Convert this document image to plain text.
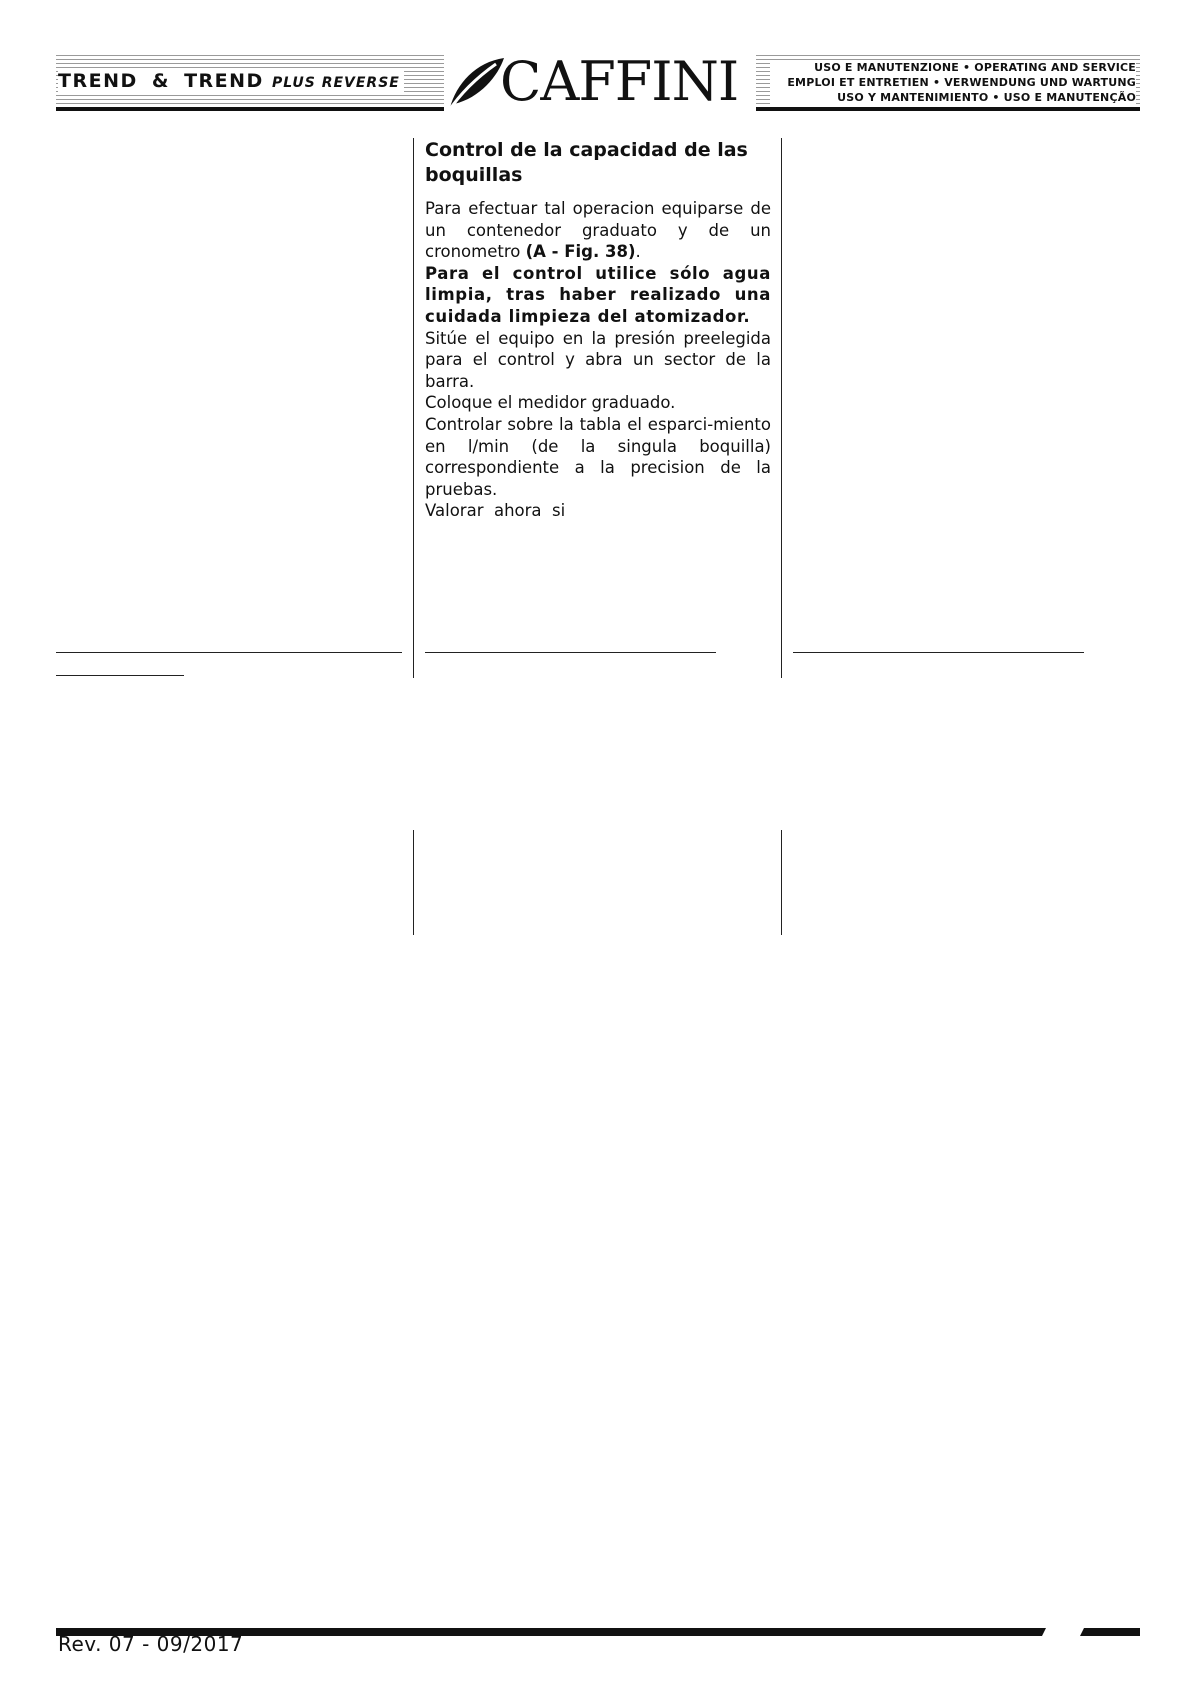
TREND & TREND PLUS REVERSE CAFFINI	USO E MANUTENZIONE • OPERATING AND SERVICE
EMPLOI ET ENTRETIEN • VERWENDUNG UND WARTUNG
USO Y MANTENIMIENTO • USO E MANUTENÇÃO
Control de la capacidad de las boquillas

Para efectuar tal operacion equiparse de un contenedor graduato y de un cronometro (A - Fig. 38).

Para el control utilice sólo agua limpia, tras haber realizado una cuidada limpieza del atomizador.

Sitúe el equipo en la presión preelegida para el control y abra un sector de la barra.

Coloque el medidor graduado.

Controlar sobre la tabla el esparci-miento en l/min (de la singula boquilla) correspondiente a la precision de la pruebas.

Valorar  ahora  si

Rev. 07 - 09/2017
